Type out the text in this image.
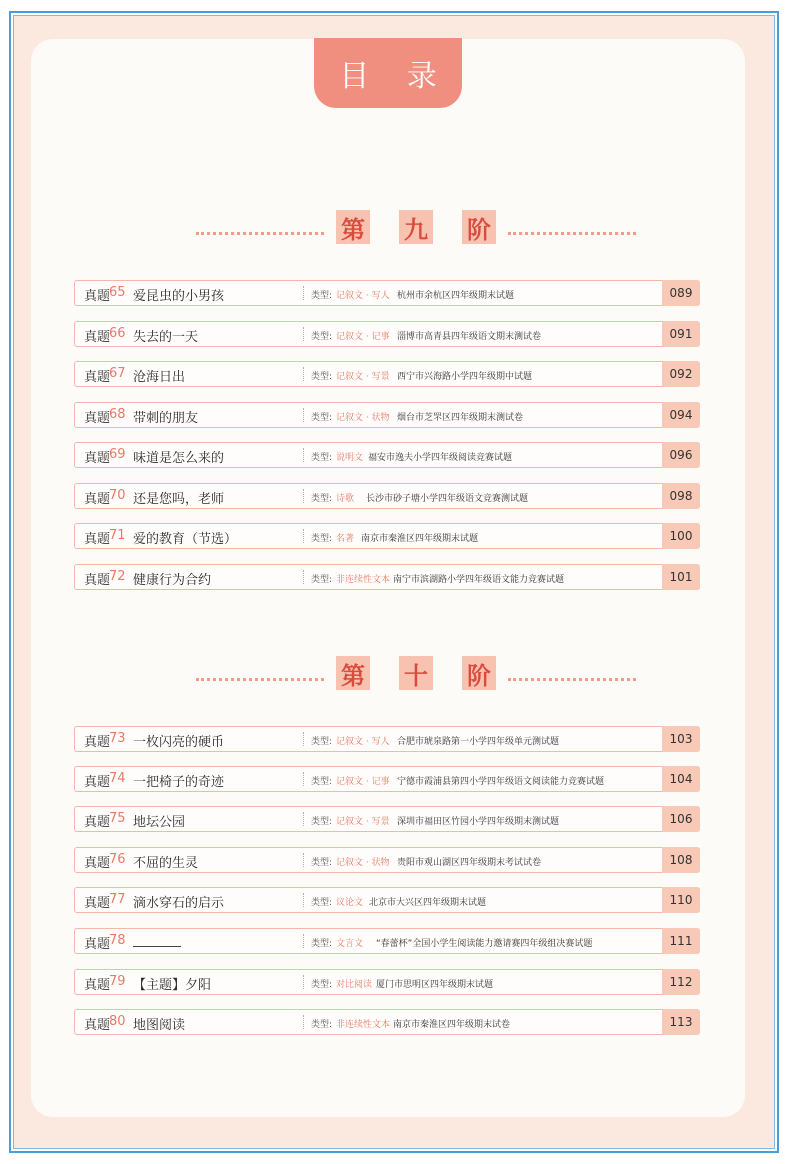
目 录
第 九 阶
真题
65 爱昆虫的小男孩	类型: 记叙文 · 写人 杭州市余杭区四年级期末试题	089
真题
66 失去的一天	类型: 记叙文 · 记事 淄博市高青县四年级语文期末测试卷	091
真题
67 沧海日出	类型: 记叙文 · 写景 西宁市兴海路小学四年级期中试题	092
真题
68 带刺的朋友	类型: 记叙文 · 状物 烟台市芝罘区四年级期末测试卷	094
真题
69 味道是怎么来的	类型: 说明文 福安市逸夫小学四年级阅读竞赛试题	096
真题
70 还是您吗，老师	类型: 诗歌 长沙市砂子塘小学四年级语文竞赛测试题	098
真题
71 爱的教育（节选）	类型: 名著 南京市秦淮区四年级期末试题	100
真题
72 健康行为合约	类型: 非连续性文本 南宁市滨湖路小学四年级语文能力竞赛试题	101
第 十 阶
真题
73 一枚闪亮的硬币	类型: 记叙文 · 写人 合肥市琥泉路第一小学四年级单元测试题	103
真题
74 一把椅子的奇迹	类型: 记叙文 · 记事 宁德市霞浦县第四小学四年级语文阅读能力竞赛试题	104
真题
75 地坛公园	类型: 记叙文 · 写景 深圳市福田区竹园小学四年级期末测试题	106
真题
76 不屈的生灵	类型: 记叙文 · 状物 贵阳市观山湖区四年级期末考试试卷	108
真题
77 滴水穿石的启示	类型: 议论文 北京市大兴区四年级期末试题	110
真题
78	类型: 文言文 “春蕾杯”全国小学生阅读能力邀请赛四年级组决赛试题	111
真题
79 【主题】夕阳	类型: 对比阅读 厦门市思明区四年级期末试题	112
真题
80 地图阅读	类型: 非连续性文本 南京市秦淮区四年级期末试卷	113
